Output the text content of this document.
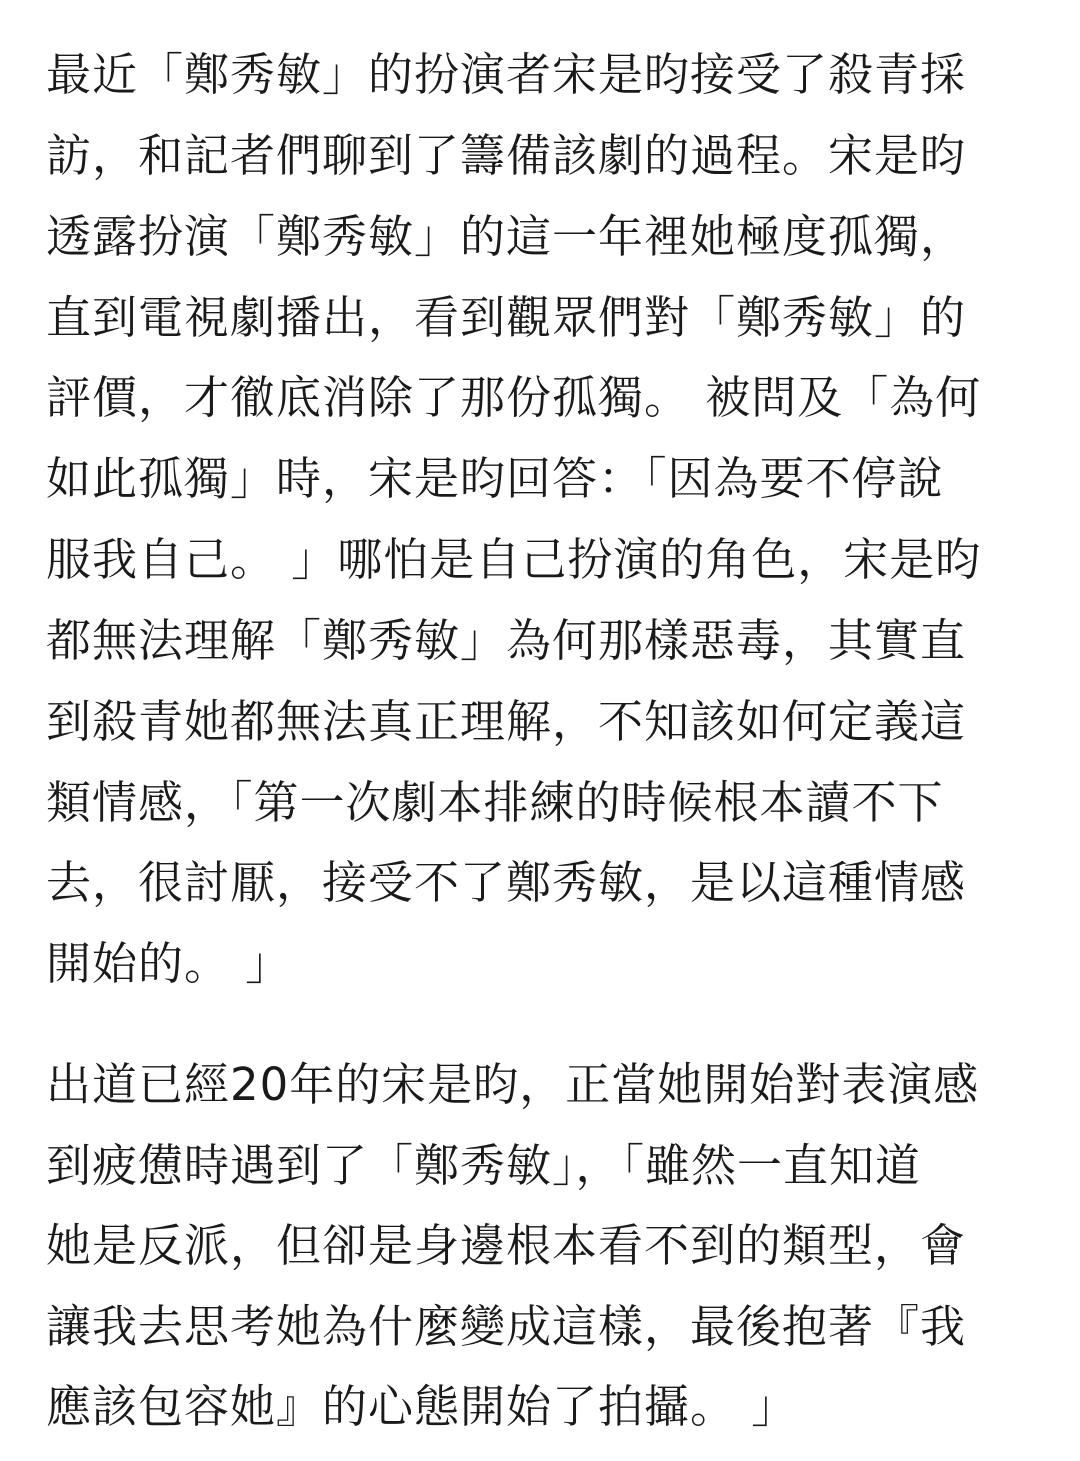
最近「鄭秀敏」的扮演者宋是昀接受了殺青採
訪，和記者們聊到了籌備該劇的過程。宋是昀
透露扮演「鄭秀敏」的這一年裡她極度孤獨，
直到電視劇播出，看到觀眾們對「鄭秀敏」的
評價，才徹底消除了那份孤獨。 被問及「為何
如此孤獨」時，宋是昀回答：「因為要不停說
服我自己。 」哪怕是自己扮演的角色，宋是昀
都無法理解「鄭秀敏」為何那樣惡毒，其實直
到殺青她都無法真正理解，不知該如何定義這
類情感，「第一次劇本排練的時候根本讀不下
去，很討厭，接受不了鄭秀敏，是以這種情感
開始的。 」
出道已經20年的宋是昀，正當她開始對表演感
到疲憊時遇到了「鄭秀敏」，「雖然一直知道
她是反派，但卻是身邊根本看不到的類型，會
讓我去思考她為什麼變成這樣，最後抱著『我
應該包容她』的心態開始了拍攝。 」
